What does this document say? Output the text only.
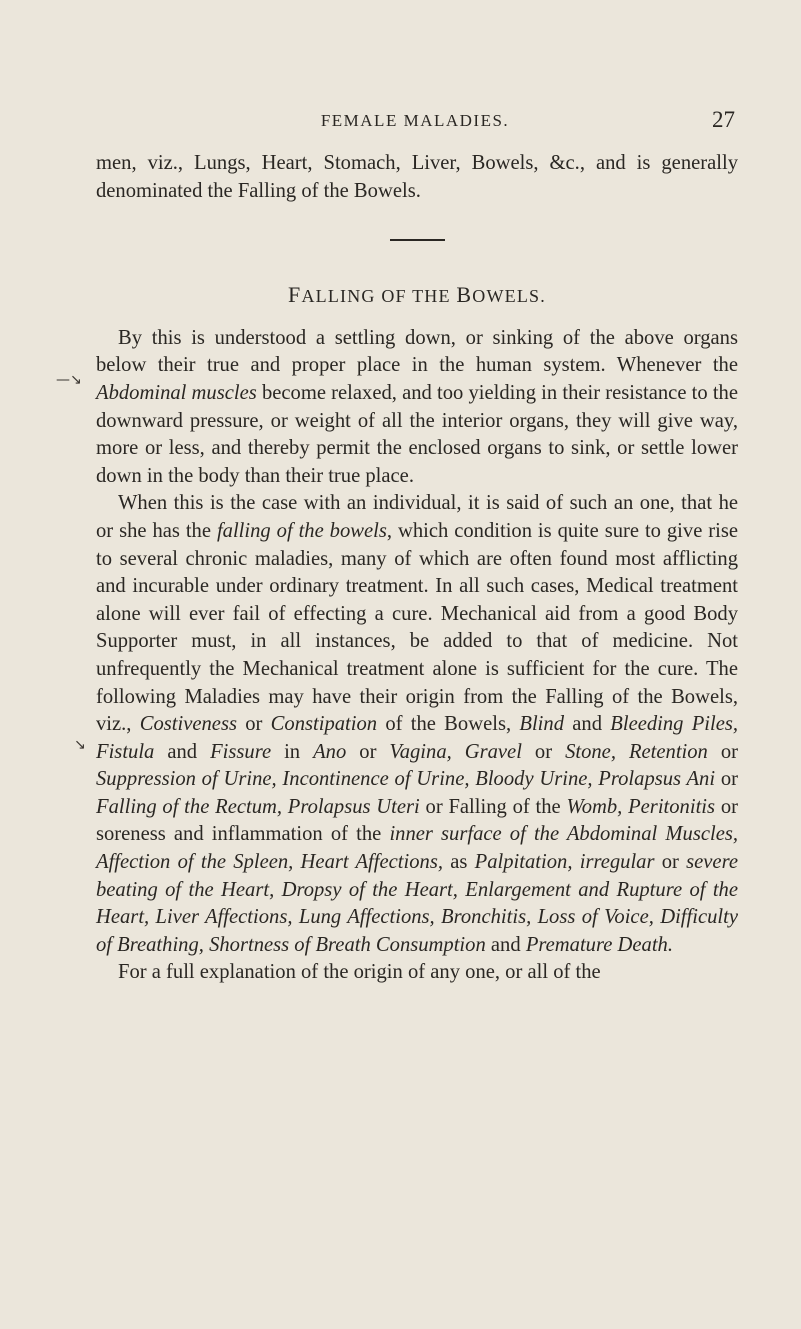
FEMALE MALADIES.	27
—↘
↘

men, viz., Lungs, Heart, Stomach, Liver, Bowels, &c., and is generally denominated the Falling of the Bowels.

FALLING OF THE BOWELS.

By this is understood a settling down, or sinking of the above organs below their true and proper place in the human system. Whenever the Abdominal muscles become relaxed, and too yielding in their resistance to the downward pressure, or weight of all the interior organs, they will give way, more or less, and thereby permit the enclosed organs to sink, or settle lower down in the body than their true place.

When this is the case with an individual, it is said of such an one, that he or she has the falling of the bowels, which condition is quite sure to give rise to several chronic maladies, many of which are often found most afflicting and incurable under ordinary treatment. In all such cases, Medical treatment alone will ever fail of effecting a cure. Mechanical aid from a good Body Supporter must, in all instances, be added to that of medicine. Not unfrequently the Mechanical treatment alone is sufficient for the cure. The following Maladies may have their origin from the Falling of the Bowels, viz., Costiveness or Constipation of the Bowels, Blind and Bleeding Piles, Fistula and Fissure in Ano or Vagina, Gravel or Stone, Retention or Suppression of Urine, Incontinence of Urine, Bloody Urine, Prolapsus Ani or Falling of the Rectum, Prolapsus Uteri or Falling of the Womb, Peritonitis or soreness and inflammation of the inner surface of the Abdominal Muscles, Affection of the Spleen, Heart Affections, as Palpitation, irregular or severe beating of the Heart, Dropsy of the Heart, Enlargement and Rupture of the Heart, Liver Affections, Lung Affections, Bronchitis, Loss of Voice, Difficulty of Breathing, Shortness of Breath Consumption and Premature Death.

For a full explanation of the origin of any one, or all of the
